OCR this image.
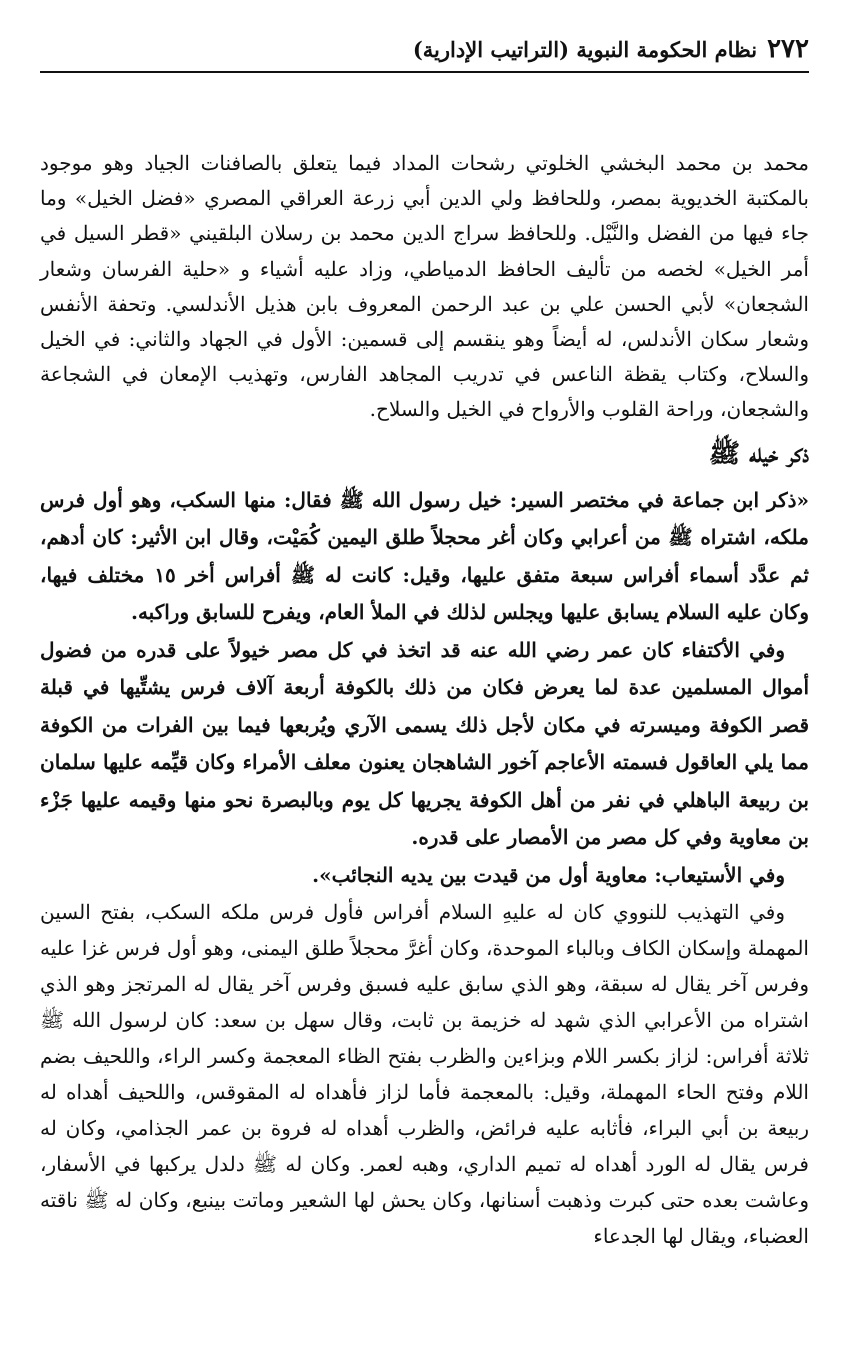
٢٧٢
نظام الحكومة النبوية (التراتيب الإدارية)

محمد بن محمد البخشي الخلوتي رشحات المداد فيما يتعلق بالصافنات الجياد وهو موجود بالمكتبة الخديوية بمصر، وللحافظ ولي الدين أبي زرعة العراقي المصري «فضل الخيل» وما جاء فيها من الفضل والنَّيْل. وللحافظ سراج الدين محمد بن رسلان البلقيني «قطر السيل في أمر الخيل» لخصه من تأليف الحافظ الدمياطي، وزاد عليه أشياء و «حلية الفرسان وشعار الشجعان» لأبي الحسن علي بن عبد الرحمن المعروف بابن هذيل الأندلسي. وتحفة الأنفس وشعار سكان الأندلس، له أيضاً وهو ينقسم إلى قسمين: الأول في الجهاد والثاني: في الخيل والسلاح، وكتاب يقظة الناعس في تدريب المجاهد الفارس، وتهذيب الإمعان في الشجاعة والشجعان، وراحة القلوب والأرواح في الخيل والسلاح.

ذكر خيله ﷺ

«ذكر ابن جماعة في مختصر السير: خيل رسول الله ﷺ فقال: منها السكب، وهو أول فرس ملكه، اشتراه ﷺ من أعرابي وكان أغر محجلاً طلق اليمين كُمَيْت، وقال ابن الأثير: كان أدهم، ثم عدَّد أسماء أفراس سبعة متفق عليها، وقيل: كانت له ﷺ أفراس أخر ١٥ مختلف فيها، وكان عليه السلام يسابق عليها ويجلس لذلك في الملأ العام، ويفرح للسابق وراكبه.

وفي الأكتفاء كان عمر رضي الله عنه قد اتخذ في كل مصر خيولاً على قدره من فضول أموال المسلمين عدة لما يعرض فكان من ذلك بالكوفة أربعة آلاف فرس يشتِّيها في قبلة قصر الكوفة وميسرته في مكان لأجل ذلك يسمى الآري ويُربعها فيما بين الفرات من الكوفة مما يلي العاقول فسمته الأعاجم آخور الشاهجان يعنون معلف الأمراء وكان قيِّمه عليها سلمان بن ربيعة الباهلي في نفر من أهل الكوفة يجريها كل يوم وبالبصرة نحو منها وقيمه عليها جَزْء بن معاوية وفي كل مصر من الأمصار على قدره.

وفي الأستيعاب: معاوية أول من قيدت بين يديه النجائب».

وفي التهذيب للنووي كان له عليهِ السلام أفراس فأول فرس ملكه السكب، بفتح السين المهملة وإسكان الكاف وبالباء الموحدة، وكان أغرَّ محجلاً طلق اليمنى، وهو أول فرس غزا عليه وفرس آخر يقال له سبقة، وهو الذي سابق عليه فسبق وفرس آخر يقال له المرتجز وهو الذي اشتراه من الأعرابي الذي شهد له خزيمة بن ثابت، وقال سهل بن سعد: كان لرسول الله ﷺ ثلاثة أفراس: لزاز بكسر اللام وبزاءين والظرب بفتح الظاء المعجمة وكسر الراء، واللحيف بضم اللام وفتح الحاء المهملة، وقيل: بالمعجمة فأما لزاز فأهداه له المقوقس، واللحيف أهداه له ربيعة بن أبي البراء، فأثابه عليه فرائض، والظرب أهداه له فروة بن عمر الجذامي، وكان له فرس يقال له الورد أهداه له تميم الداري، وهبه لعمر. وكان له ﷺ دلدل يركبها في الأسفار، وعاشت بعده حتى كبرت وذهبت أسنانها، وكان يحش لها الشعير وماتت بينبع، وكان له ﷺ ناقته العضباء، ويقال لها الجدعاء
